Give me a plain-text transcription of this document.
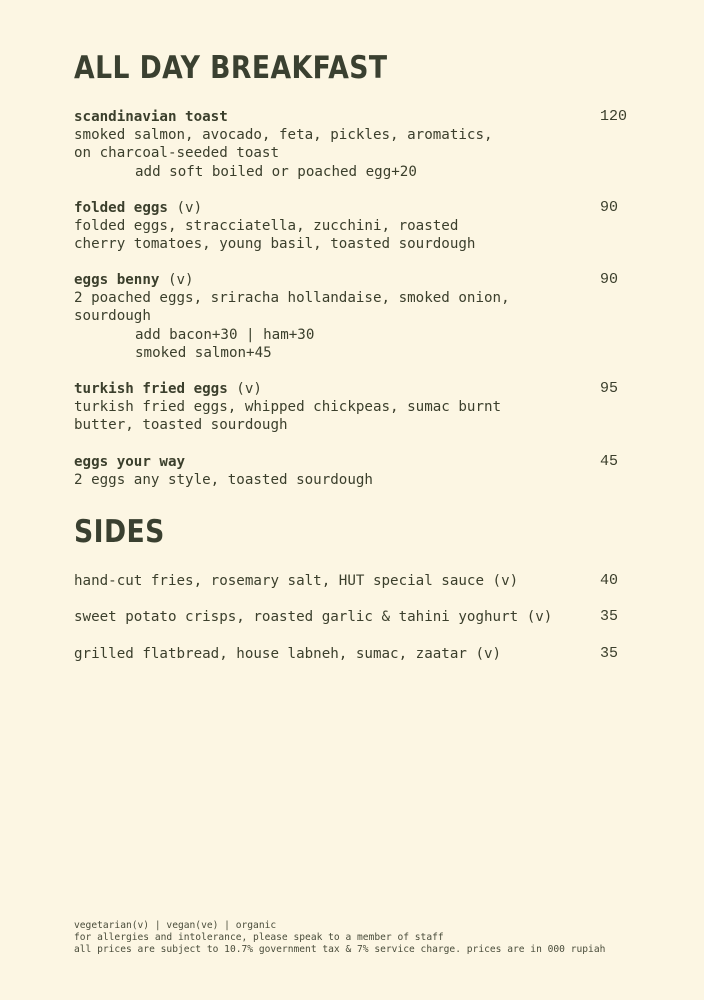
ALL DAY BREAKFAST
scandinavian toast	120
smoked salmon, avocado, feta, pickles, aromatics,
on charcoal-seeded toast
add soft boiled or poached egg+20
folded eggs (v)	90
folded eggs, stracciatella, zucchini, roasted
cherry tomatoes, young basil, toasted sourdough
eggs benny (v)	90
2 poached eggs, sriracha hollandaise, smoked onion,
sourdough
add bacon+30 | ham+30
smoked salmon+45
turkish fried eggs (v)	95
turkish fried eggs, whipped chickpeas, sumac burnt
butter, toasted sourdough
eggs your way	45
2 eggs any style, toasted sourdough
SIDES
hand-cut fries, rosemary salt, HUT special sauce (v)	40
sweet potato crisps, roasted garlic & tahini yoghurt (v)	35
grilled flatbread, house labneh, sumac, zaatar (v)	35
vegetarian(v) | vegan(ve) | organic
for allergies and intolerance, please speak to a member of staff
all prices are subject to 10.7% government tax & 7% service charge. prices are in 000 rupiah
